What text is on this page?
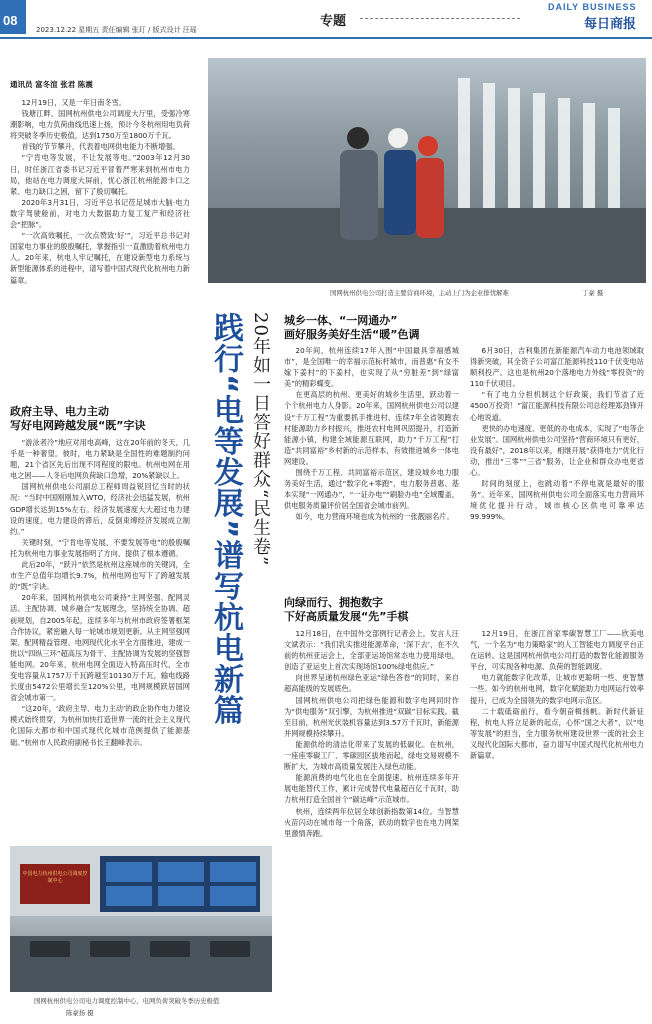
08
2023.12.22 星期五 责任编辑 张玎 / 版式设计 汪瑶
专题
DAILY BUSINESS
每日商报
国网杭州供电公司打造主要营商环境，主动上门为企业排忧解难	丁豪 摄
通讯员 富冬渲 张君 陈震

12月19日，又是一年日南冬雪。

钱塘江畔，国网杭州供电公司调度大厅里，受强冷寒潮影响，电力负荷曲线迅速上扬，预计今冬杭州用电负荷将突破冬季历史极值，达到1750万至1800万千瓦。

首钱的节节攀升，代表着电网供电能力不断增强。

“宁肯电等发展，不让发展等电。”2003年12月30日，时任浙江省委书记习近平冒着严寒来到杭州市电力局，他站在电力调度大屏前，忧心浙江杭州能源卡口之紧、电力缺口之困，留下了殷切嘱托。

2020年3月31日，习近平总书记莅足城市大脑·电力数字驾驶舱前，对电力大数据助力复工复产和经济社会“把脉”。

“一次高效嘱托，一次点赞致‘好’”，习近平总书记对国家电力事业的殷殷嘱托，掌握指引一直激励着杭州电力人。20年来，杭电人牢记嘱托，在建设新型电力系统与新型能源体系的进程中，谱写着中国式现代化杭州电力新篇章。

20年如一日答好群众“民生卷”
践行“电等发展”谱写杭电新篇
政府主导、电力主动
写好电网跨越发展“既”字诀

“游泳者冷”地应对用电高峰，这在20年前的冬天，几乎是一种奢望。彼时，电力紧缺是全国性的难题制约问题，21个省区先后出现不同程度的限电。杭州电网在用电之困——人冬后电网负荷缺口急增，20%紧缺以上。

国网杭州供电公司副总工程师周益锐回忆当时的状况：“当时中国刚刚加入WTO，经济社会迅猛发展，杭州GDP增长达到15%左右。经济发展速度大大超过电力建设的速度，电力建设的滞后，反倒束缚经济发展成立制约。”

关键时刻，“宁肯电等发展，不要发展等电”的殷殷嘱托为杭州电力事业发展指明了方向、提供了根本遵循。

此后20年，“跃升”依然是杭州这座城市的关键词，全市生产总值年均增长9.7%，杭州电网也写下了跨越发展的“既”字诀。

20年来，国网杭州供电公司秉持“主网坚强、配网灵活、主配协调、城乡融合”发展理念，坚持统全协调、超前规划，自2005年起，连续多年与杭州市政府签署框架合作协议，紧密融入每一轮城市规划更新。从主网坚强网架、配网精益管理、电网现代化水平全方面推进，建成一批以“四纵三环”超高压为骨干、主配协调为发展的坚强智能电网。20年来，杭州电网全面迈入特高压时代，全市变电容量从1757万千瓦跨越至10130万千瓦，输电线路长度由5472公里增长至120%公里，电网规模跃居国网省会城市第一。

“这20年，‘政府主导、电力主动’的政企协作电力建设模式始终贯穿，为杭州加快打造世界一流的社会主义现代化国际大都市和中国式现代化城市范例提供了能源基础。”杭州市人民政府副秘书长王翻峰表示。

城乡一体、“一网通办”
画好服务美好生活“暖”色调

20年间，杭州连续17年入围“中国最具幸福感城市”，是全国唯一的幸福示范标杆城市，而普惠“有女不嫁下姜村”的下姜村，也实现了从“穷脏差”到“绿富美”的精彩蝶变。

在更高层的杭州、更美好的城乡生活里，跃动着一个个杭州电力人身影。20年来，国网杭州供电公司以建设“千万工程”为重要抓手推进村、连续7年全省领跑农村能源助力乡村振兴，推进农村电网巩固提升，打造新能源小镇，构建全域能源互联网，助力“千万工程”打造“共同富裕”乡村新的示范样本，有效推进城乡一体电网建设。

围绕千万工程、共同富裕示范区，建设城乡电力服务美好生活，通过“数字化+零跑”，电力服务普惠、基本实现“一网通办”，“一证办电”“刷脸办电”全域覆盖，供电服务质量评价居全国省会城市前列。

如今，电力营商环境也成为杭州的一张靓丽名片。

6月30日，吉利集团在新能源汽车动力电池领域取得新突破，其全资子公司富江能源科技110千伏变电站顺利投产。这也是杭州20个落地电力外线“零投资”的110千伏项目。

“有了电力分担机制这个好政策，我们节省了近4500万投资！”富江能源科技有限公司总经理郑劲锋开心地说道。

更快的办电速度、更低的办电成本，实现了“电等企业发展”。国网杭州供电公司坚持“营商环境只有更好，没有最好”，2018年以来，相继开展“获得电力”优化行动，推出“三零”“三省”服务，让企业和群众办电更省心。

时间的刻度上，也跳动着“不停电就是最好的服务”。近年来，国网杭州供电公司全面落实电力营商环境优化提升行动，城市核心区供电可靠率达99.999%。

向绿而行、拥抱数字
下好高质量发展“先”手棋

12月18日，在中国外交部例行记者会上，发言人汪文斌表示：“我们乳实推进能源革命，‘深下去’，在不久前的杭州亚运会上，全部亚运场馆常态电力使用绿电，创造了亚运史上首次实现场馆100%绿电供应。”

向世界呈递杭州绿色亚运“绿色答卷”的同时，来自超高能级的发展底色。

国网杭州供电公司把绿色能源和数字电网同时作为“供电服务”双引擎，为杭州推进“双碳”目标实践。截至目前，杭州光伏装机容量达到3.57万千瓦时，新能源并网规模持续攀升。

能源供给的清洁化带来了发展的低碳化。在杭州，一座座零碳工厂、零碳园区拔地而起，绿电交易规模不断扩大，为城市高质量发展注入绿色动能。

能源消费的电气化也在全面提速。杭州连续多年开展电能替代工作，累计完成替代电量超百亿千瓦时，助力杭州打造全国首个“碳达峰”示范城市。

杭州，连续两年位居全球创新指数第14位。当智慧火苗闪动在城市每一个角落，跃动的数字也在电力网架里激情奔跑。

12月19日，在浙江首家零碳智慧工厂——欣美电气，一个名为“电力策略家”的人工智能电力调度平台正在运转。这是国网杭州供电公司打造的数智化能源服务平台，可实现各种电源、负荷的智能调度。

电力就能数字化改革，让城市更聪明一些、更智慧一些。如今的杭州电网，数字化赋能助力电网运行效率提升，已成为全国领先的数字电网示范区。

二十载砥砺前行，看今朝奋楫扬帆。新时代新征程，杭电人将立足新的起点，心怀“国之大者”，以“电等发展”的担当，全力服务杭州建设世界一流的社会主义现代化国际大都市，奋力谱写中国式现代化杭州电力新篇章。

中国电力杭州供电公司调度控制中心
国网杭州供电公司电力调度控制中心，电网负荷突破冬季历史极值
陈豪扬 摄
